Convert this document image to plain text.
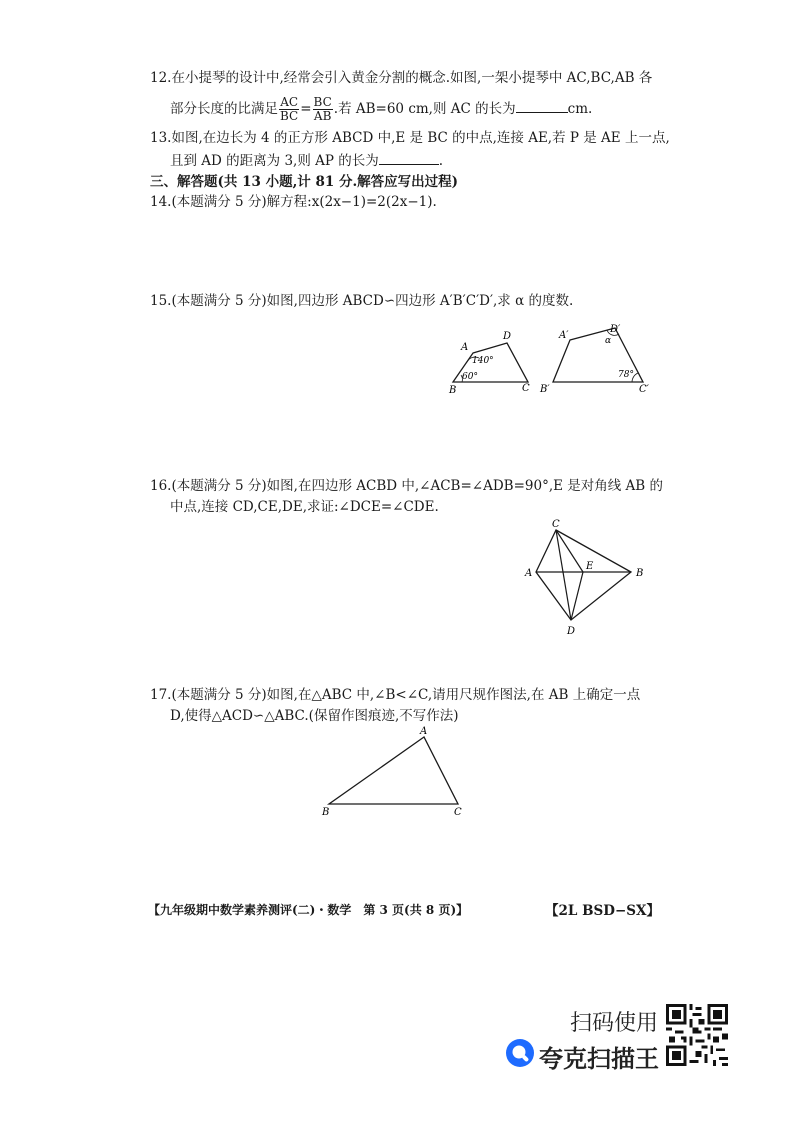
12.在小提琴的设计中,经常会引入黄金分割的概念.如图,一架小提琴中 AC,BC,AB 各
部分长度的比满足 $\frac{AC}{BC} = \frac{BC}{AB}$ .若 AB=60 cm,则 AC 的长为	cm.
13.如图,在边长为 4 的正方形 ABCD 中,E 是 BC 的中点,连接 AE,若 P 是 AE 上一点,
且到 AD 的距离为 3,则 AP 的长为	.
三、解答题(共 13 小题,计 81 分.解答应写出过程)
14.(本题满分 5 分)解方程:x(2x−1)=2(2x−1).
15.(本题满分 5 分)如图,四边形 ABCD∽四边形 A′B′C′D′,求 α 的度数.
A
D
B	C
140°
60°
A′
D′
B′	C′
α
78°
16.(本题满分 5 分)如图,在四边形 ACBD 中,∠ACB=∠ADB=90°,E 是对角线 AB 的
中点,连接 CD,CE,DE,求证:∠DCE=∠CDE.
C
A	B
E
D
17.(本题满分 5 分)如图,在△ABC 中,∠B<∠C,请用尺规作图法,在 AB 上确定一点
D,使得△ACD∽△ABC.(保留作图痕迹,不写作法)
A
B	C
【九年级期中数学素养测评(二)・数学　第 3 页(共 8 页)】	【2L BSD−SX】
扫码使用
夸克扫描王
